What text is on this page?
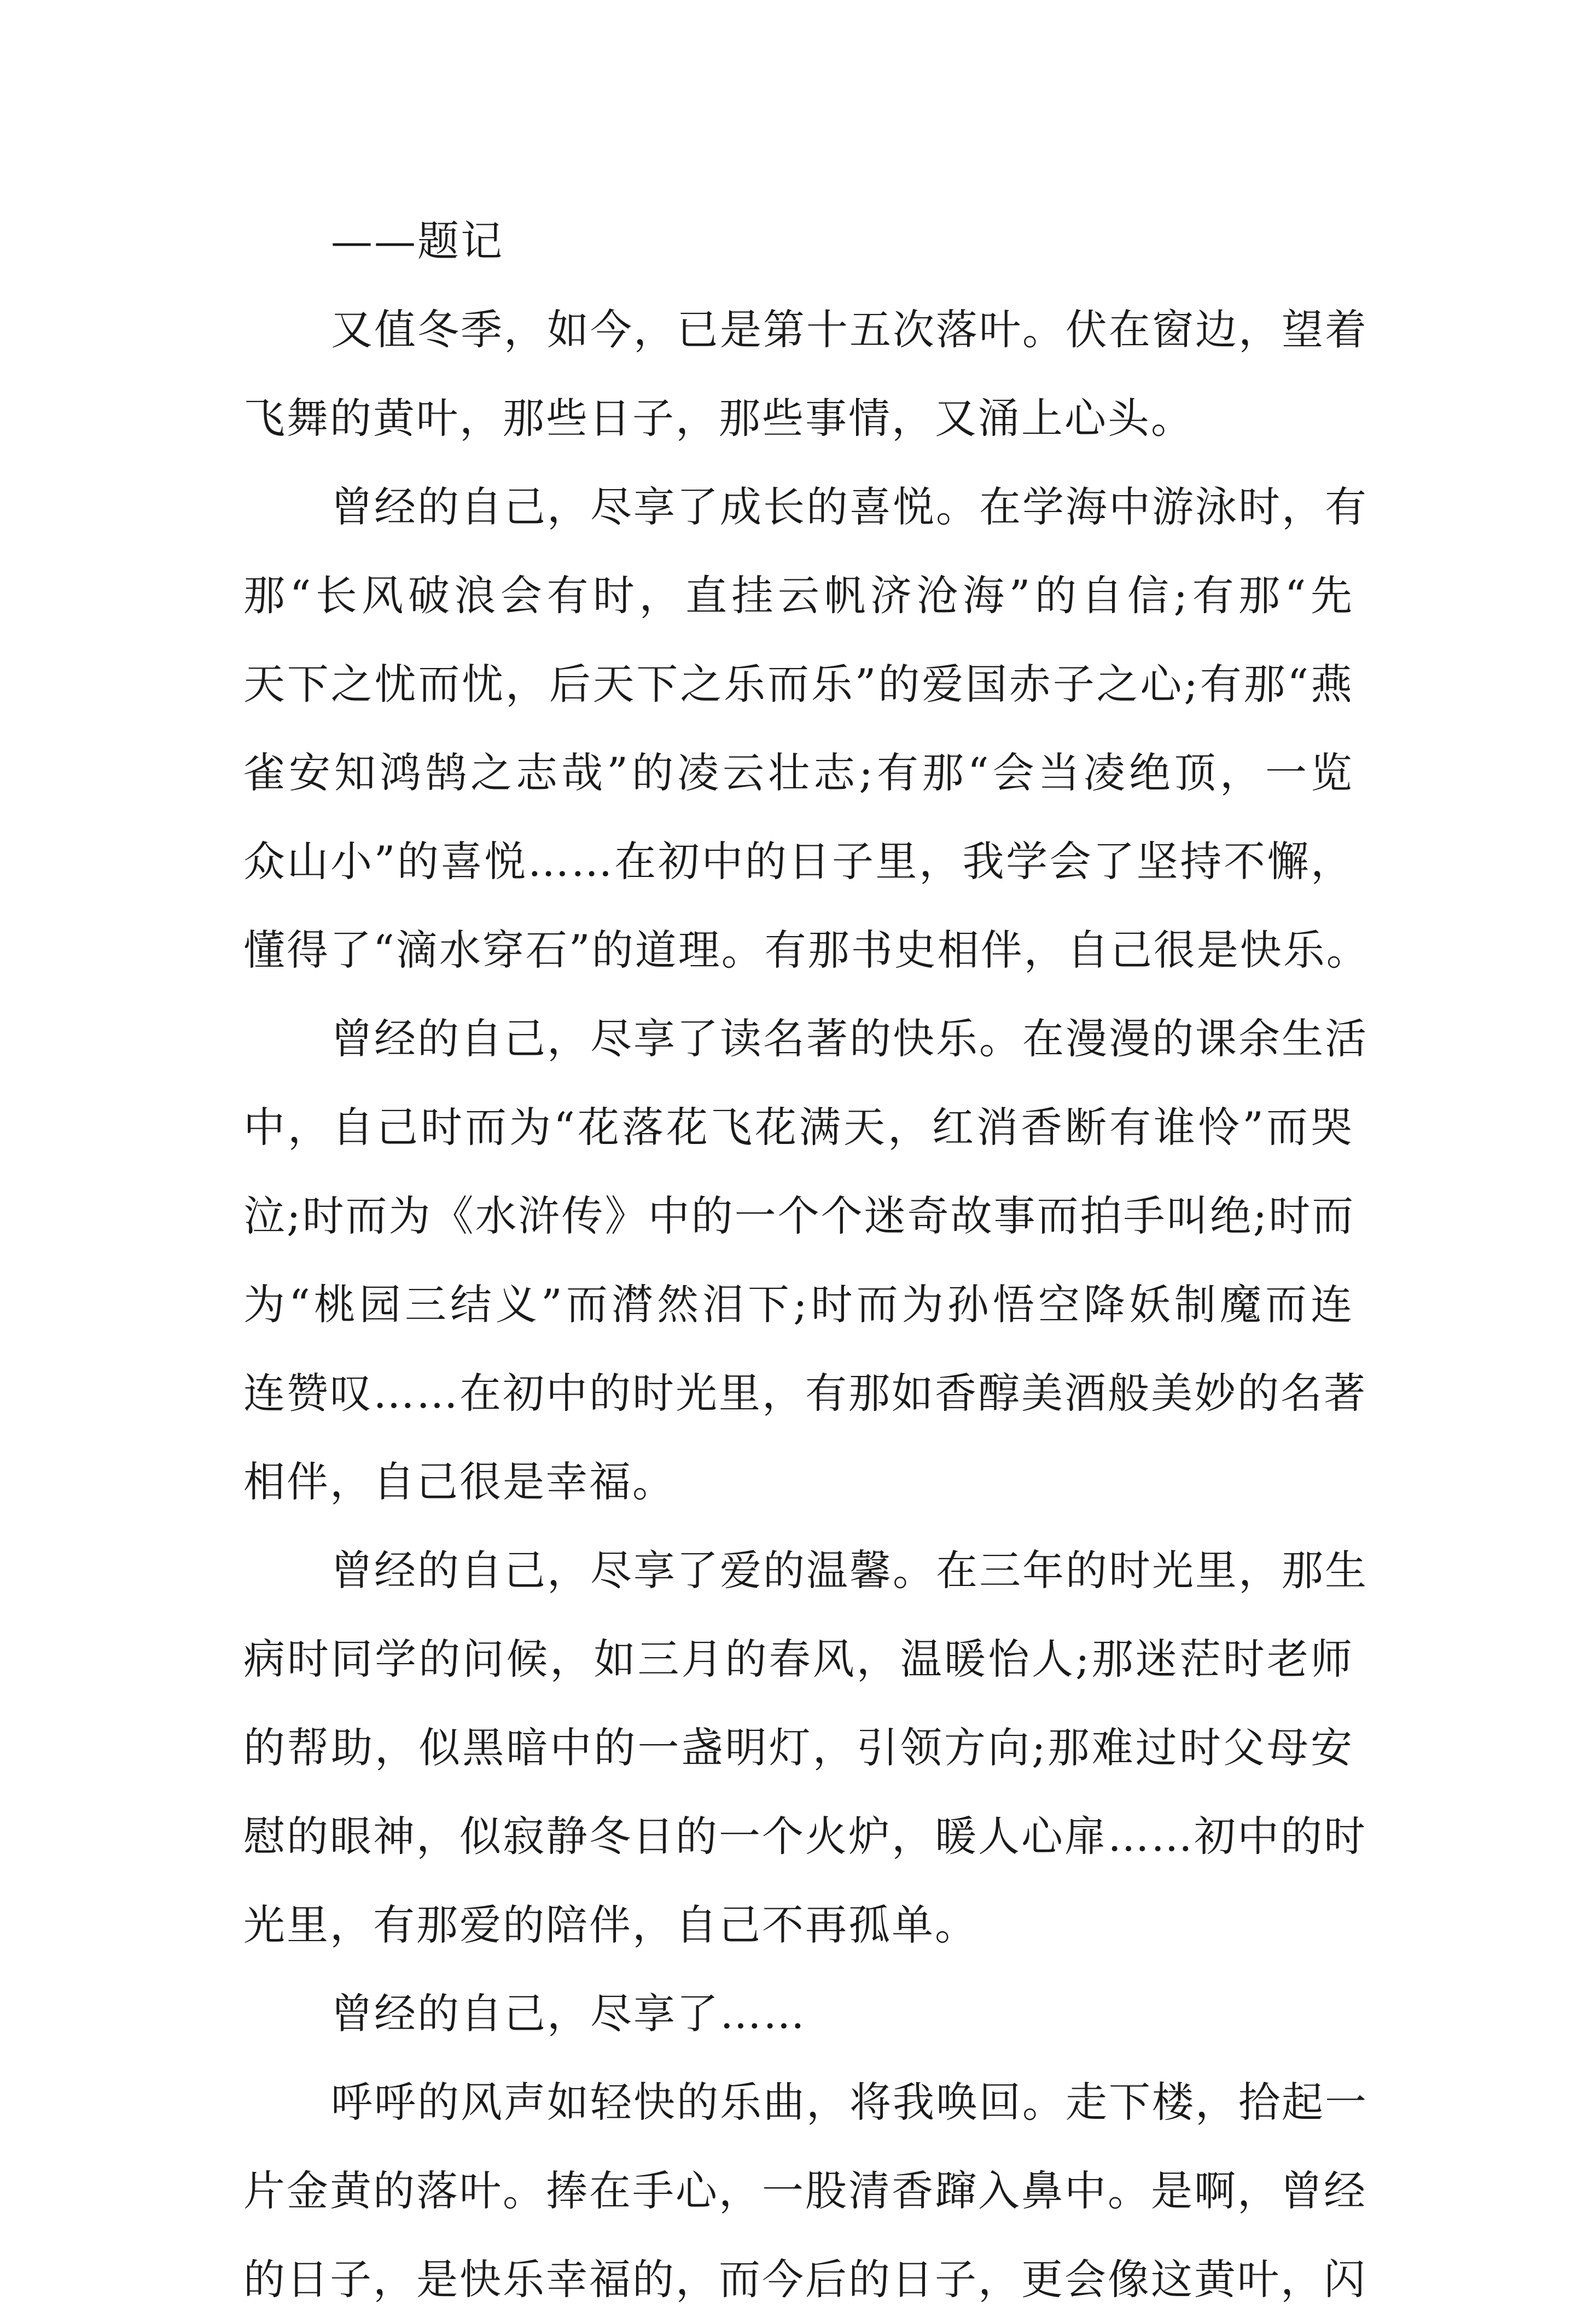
——题记
又值冬季，如今，已是第十五次落叶。伏在窗边，望着
飞舞的黄叶，那些日子，那些事情，又涌上心头。
曾经的自己，尽享了成长的喜悦。在学海中游泳时，有
那“长风破浪会有时，直挂云帆济沧海”的自信;有那“先
天下之忧而忧，后天下之乐而乐”的爱国赤子之心;有那“燕
雀安知鸿鹄之志哉”的凌云壮志;有那“会当凌绝顶，一览
众山小”的喜悦……在初中的日子里，我学会了坚持不懈，
懂得了“滴水穿石”的道理。有那书史相伴，自己很是快乐。
曾经的自己，尽享了读名著的快乐。在漫漫的课余生活
中，自己时而为“花落花飞花满天，红消香断有谁怜”而哭
泣;时而为《水浒传》中的一个个迷奇故事而拍手叫绝;时而
为“桃园三结义”而潸然泪下;时而为孙悟空降妖制魔而连
连赞叹……在初中的时光里，有那如香醇美酒般美妙的名著
相伴，自己很是幸福。
曾经的自己，尽享了爱的温馨。在三年的时光里，那生
病时同学的问候，如三月的春风，温暖怡人;那迷茫时老师
的帮助，似黑暗中的一盏明灯，引领方向;那难过时父母安
慰的眼神，似寂静冬日的一个火炉，暖人心扉……初中的时
光里，有那爱的陪伴，自己不再孤单。
曾经的自己，尽享了……
呼呼的风声如轻快的乐曲，将我唤回。走下楼，拾起一
片金黄的落叶。捧在手心，一股清香蹿入鼻中。是啊，曾经
的日子，是快乐幸福的，而今后的日子，更会像这黄叶，闪
